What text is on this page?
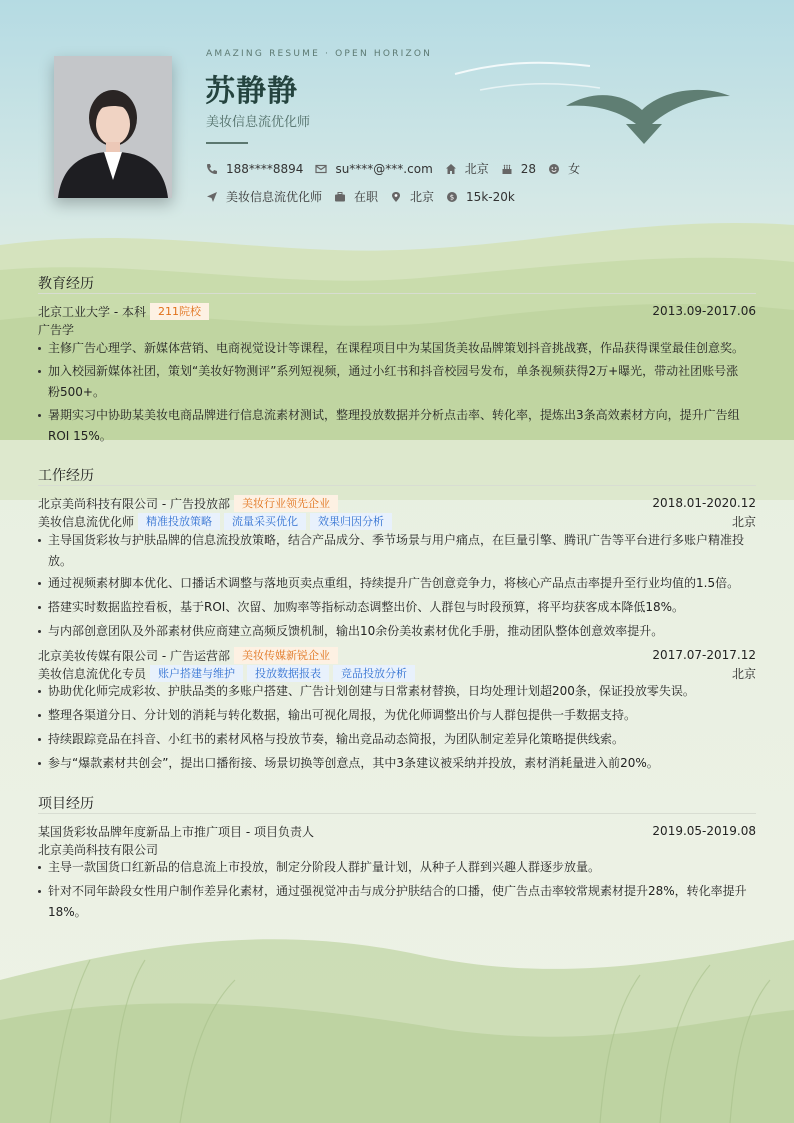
AMAZING RESUME · OPEN HORIZON
苏静静
美妆信息流优化师
188****8894	su****@***.com	北京	28	女
美妆信息流优化师	在职	北京 $ 15k-20k
教育经历
北京工业大学 - 本科	211院校	2013.09-2017.06
广告学
主修广告心理学、新媒体营销、电商视觉设计等课程，在课程项目中为某国货美妆品牌策划抖音挑战赛，作品获得课堂最佳创意奖。
加入校园新媒体社团，策划“美妆好物测评”系列短视频，通过小红书和抖音校园号发布，单条视频获得2万+曝光，带动社团账号涨粉500+。
暑期实习中协助某美妆电商品牌进行信息流素材测试，整理投放数据并分析点击率、转化率，提炼出3条高效素材方向，提升广告组ROI 15%。
工作经历
北京美尚科技有限公司 - 广告投放部	美妆行业领先企业	2018.01-2020.12
美妆信息流优化师	精准投放策略	流量采买优化	效果归因分析	北京
主导国货彩妆与护肤品牌的信息流投放策略，结合产品成分、季节场景与用户痛点，在巨量引擎、腾讯广告等平台进行多账户精准投放。
通过视频素材脚本优化、口播话术调整与落地页卖点重组，持续提升广告创意竞争力，将核心产品点击率提升至行业均值的1.5倍。
搭建实时数据监控看板，基于ROI、次留、加购率等指标动态调整出价、人群包与时段预算，将平均获客成本降低18%。
与内部创意团队及外部素材供应商建立高频反馈机制，输出10余份美妆素材优化手册，推动团队整体创意效率提升。
北京美妆传媒有限公司 - 广告运营部	美妆传媒新锐企业	2017.07-2017.12
美妆信息流优化专员	账户搭建与维护	投放数据报表	竞品投放分析	北京
协助优化师完成彩妆、护肤品类的多账户搭建、广告计划创建与日常素材替换，日均处理计划超200条，保证投放零失误。
整理各渠道分日、分计划的消耗与转化数据，输出可视化周报，为优化师调整出价与人群包提供一手数据支持。
持续跟踪竞品在抖音、小红书的素材风格与投放节奏，输出竞品动态简报，为团队制定差异化策略提供线索。
参与“爆款素材共创会”，提出口播衔接、场景切换等创意点，其中3条建议被采纳并投放，素材消耗量进入前20%。
项目经历
某国货彩妆品牌年度新品上市推广项目 - 项目负责人	2019.05-2019.08
北京美尚科技有限公司
主导一款国货口红新品的信息流上市投放，制定分阶段人群扩量计划，从种子人群到兴趣人群逐步放量。
针对不同年龄段女性用户制作差异化素材，通过强视觉冲击与成分护肤结合的口播，使广告点击率较常规素材提升28%，转化率提升18%。
